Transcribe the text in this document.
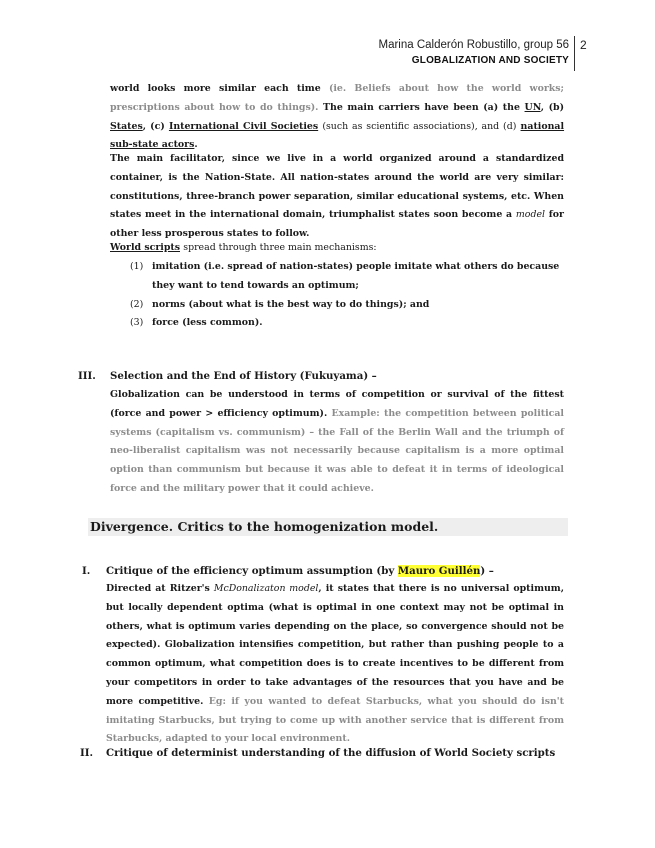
Marina Calderón Robustillo, group 56
GLOBALIZATION AND SOCIETY
2
world looks more similar each time (ie. Beliefs about how the world works; prescriptions about how to do things). The main carriers have been (a) the UN, (b) States, (c) International Civil Societies (such as scientific associations), and (d) national sub-state actors.
The main facilitator, since we live in a world organized around a standardized container, is the Nation-State. All nation-states around the world are very similar: constitutions, three-branch power separation, similar educational systems, etc. When states meet in the international domain, triumphalist states soon become a model for other less prosperous states to follow.
World scripts spread through three main mechanisms:
(1) imitation (i.e. spread of nation-states) people imitate what others do because they want to tend towards an optimum;
(2) norms (about what is the best way to do things); and
(3) force (less common).
III. Selection and the End of History (Fukuyama) –
Globalization can be understood in terms of competition or survival of the fittest (force and power > efficiency optimum). Example: the competition between political systems (capitalism vs. communism) – the Fall of the Berlin Wall and the triumph of neo-liberalist capitalism was not necessarily because capitalism is a more optimal option than communism but because it was able to defeat it in terms of ideological force and the military power that it could achieve.
Divergence. Critics to the homogenization model.
I. Critique of the efficiency optimum assumption (by Mauro Guillén) –
Directed at Ritzer's McDonalizaton model, it states that there is no universal optimum, but locally dependent optima (what is optimal in one context may not be optimal in others, what is optimum varies depending on the place, so convergence should not be expected). Globalization intensifies competition, but rather than pushing people to a common optimum, what competition does is to create incentives to be different from your competitors in order to take advantages of the resources that you have and be more competitive. Eg: if you wanted to defeat Starbucks, what you should do isn't imitating Starbucks, but trying to come up with another service that is different from Starbucks, adapted to your local environment.
II. Critique of determinist understanding of the diffusion of World Society scripts
